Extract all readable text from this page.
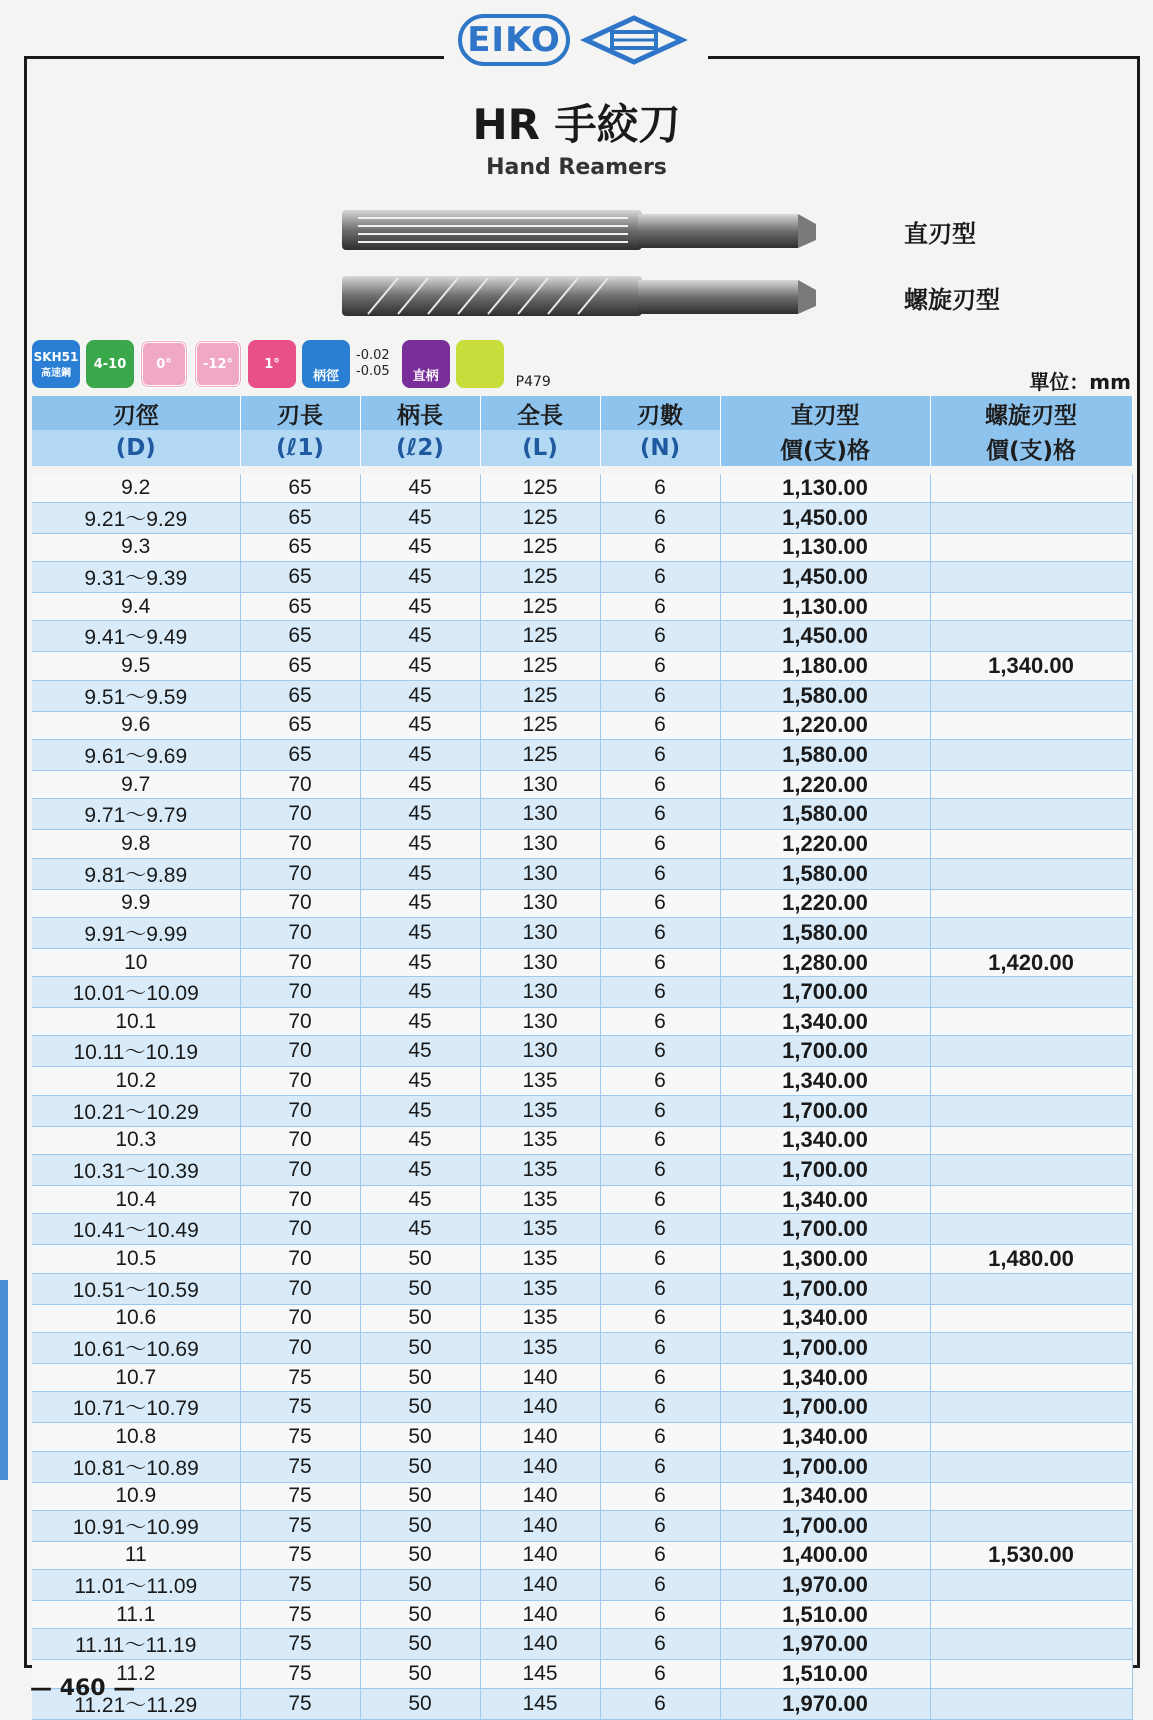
EIKO
HR 手絞刀
Hand Reamers
直刃型
螺旋刃型
SKH51
高速鋼
4-10 0° -12° 1°
柄徑
-0.02
-0.05 直柄	P479	單位：mm
刃徑	刃長	柄長	全長	刃數	直刃型	螺旋刃型
(D)	(ℓ1)	(ℓ2)	(L)	(N)	價(支)格	價(支)格

9.2	65	45	125	6	1,130.00	
9.21～9.29	65	45	125	6	1,450.00	
9.3	65	45	125	6	1,130.00	
9.31～9.39	65	45	125	6	1,450.00	
9.4	65	45	125	6	1,130.00	
9.41～9.49	65	45	125	6	1,450.00	
9.5	65	45	125	6	1,180.00	1,340.00
9.51～9.59	65	45	125	6	1,580.00	
9.6	65	45	125	6	1,220.00	
9.61～9.69	65	45	125	6	1,580.00	
9.7	70	45	130	6	1,220.00	
9.71～9.79	70	45	130	6	1,580.00	
9.8	70	45	130	6	1,220.00	
9.81～9.89	70	45	130	6	1,580.00	
9.9	70	45	130	6	1,220.00	
9.91～9.99	70	45	130	6	1,580.00	
10	70	45	130	6	1,280.00	1,420.00
10.01～10.09	70	45	130	6	1,700.00	
10.1	70	45	130	6	1,340.00	
10.11～10.19	70	45	130	6	1,700.00	
10.2	70	45	135	6	1,340.00	
10.21～10.29	70	45	135	6	1,700.00	
10.3	70	45	135	6	1,340.00	
10.31～10.39	70	45	135	6	1,700.00	
10.4	70	45	135	6	1,340.00	
10.41～10.49	70	45	135	6	1,700.00	
10.5	70	50	135	6	1,300.00	1,480.00
10.51～10.59	70	50	135	6	1,700.00	
10.6	70	50	135	6	1,340.00	
10.61～10.69	70	50	135	6	1,700.00	
10.7	75	50	140	6	1,340.00	
10.71～10.79	75	50	140	6	1,700.00	
10.8	75	50	140	6	1,340.00	
10.81～10.89	75	50	140	6	1,700.00	
10.9	75	50	140	6	1,340.00	
10.91～10.99	75	50	140	6	1,700.00	
11	75	50	140	6	1,400.00	1,530.00
11.01～11.09	75	50	140	6	1,970.00	
11.1	75	50	140	6	1,510.00	
11.11～11.19	75	50	140	6	1,970.00	
11.2	75	50	145	6	1,510.00	
11.21～11.29	75	50	145	6	1,970.00	
— 460 —
